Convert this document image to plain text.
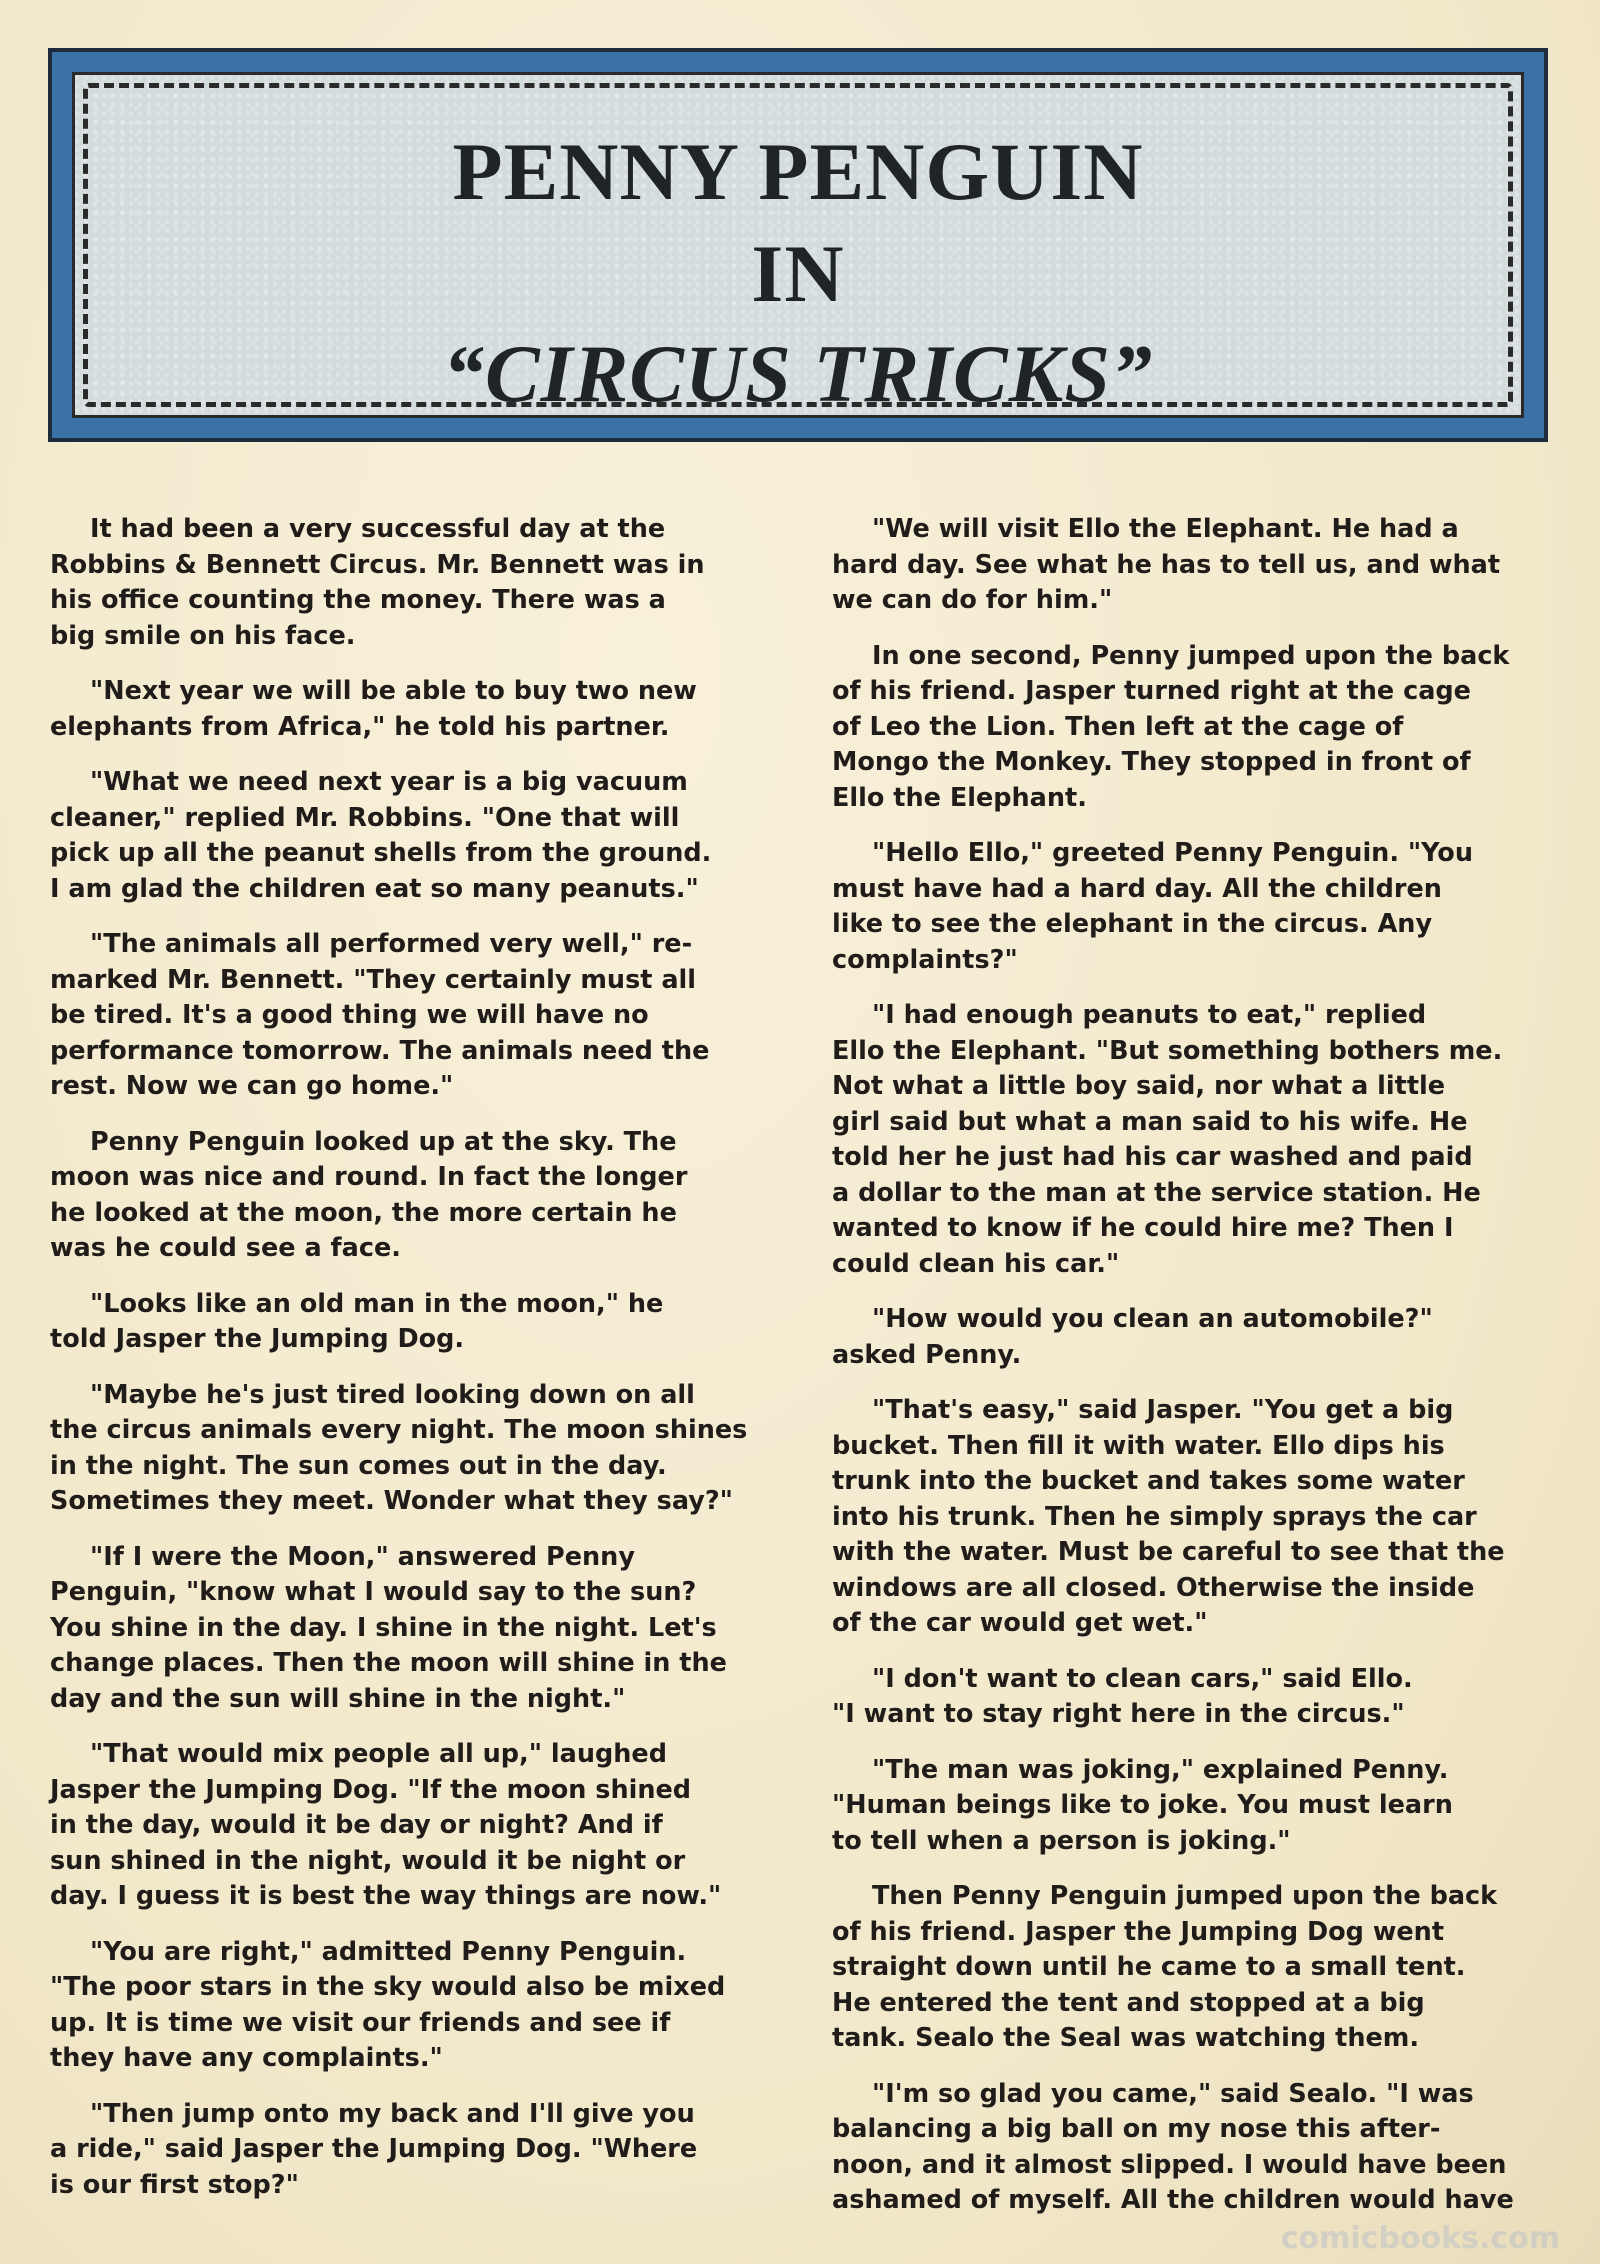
PENNY PENGUIN
IN
“CIRCUS TRICKS”

It had been a very successful day at the
Robbins & Bennett Circus. Mr. Bennett was in
his office counting the money. There was a
big smile on his face.

"Next year we will be able to buy two new
elephants from Africa," he told his partner.

"What we need next year is a big vacuum
cleaner," replied Mr. Robbins. "One that will
pick up all the peanut shells from the ground.
I am glad the children eat so many peanuts."

"The animals all performed very well," re-
marked Mr. Bennett. "They certainly must all
be tired. It's a good thing we will have no
performance tomorrow. The animals need the
rest. Now we can go home."

Penny Penguin looked up at the sky. The
moon was nice and round. In fact the longer
he looked at the moon, the more certain he
was he could see a face.

"Looks like an old man in the moon," he
told Jasper the Jumping Dog.

"Maybe he's just tired looking down on all
the circus animals every night. The moon shines
in the night. The sun comes out in the day.
Sometimes they meet. Wonder what they say?"

"If I were the Moon," answered Penny
Penguin, "know what I would say to the sun?
You shine in the day. I shine in the night. Let's
change places. Then the moon will shine in the
day and the sun will shine in the night."

"That would mix people all up," laughed
Jasper the Jumping Dog. "If the moon shined
in the day, would it be day or night? And if
sun shined in the night, would it be night or
day. I guess it is best the way things are now."

"You are right," admitted Penny Penguin.
"The poor stars in the sky would also be mixed
up. It is time we visit our friends and see if
they have any complaints."

"Then jump onto my back and I'll give you
a ride," said Jasper the Jumping Dog. "Where
is our first stop?"

"We will visit Ello the Elephant. He had a
hard day. See what he has to tell us, and what
we can do for him."

In one second, Penny jumped upon the back
of his friend. Jasper turned right at the cage
of Leo the Lion. Then left at the cage of
Mongo the Monkey. They stopped in front of
Ello the Elephant.

"Hello Ello," greeted Penny Penguin. "You
must have had a hard day. All the children
like to see the elephant in the circus. Any
complaints?"

"I had enough peanuts to eat," replied
Ello the Elephant. "But something bothers me.
Not what a little boy said, nor what a little
girl said but what a man said to his wife. He
told her he just had his car washed and paid
a dollar to the man at the service station. He
wanted to know if he could hire me? Then I
could clean his car."

"How would you clean an automobile?"
asked Penny.

"That's easy," said Jasper. "You get a big
bucket. Then fill it with water. Ello dips his
trunk into the bucket and takes some water
into his trunk. Then he simply sprays the car
with the water. Must be careful to see that the
windows are all closed. Otherwise the inside
of the car would get wet."

"I don't want to clean cars," said Ello.
"I want to stay right here in the circus."

"The man was joking," explained Penny.
"Human beings like to joke. You must learn
to tell when a person is joking."

Then Penny Penguin jumped upon the back
of his friend. Jasper the Jumping Dog went
straight down until he came to a small tent.
He entered the tent and stopped at a big
tank. Sealo the Seal was watching them.

"I'm so glad you came," said Sealo. "I was
balancing a big ball on my nose this after-
noon, and it almost slipped. I would have been
ashamed of myself. All the children would have

comicbooks.com
